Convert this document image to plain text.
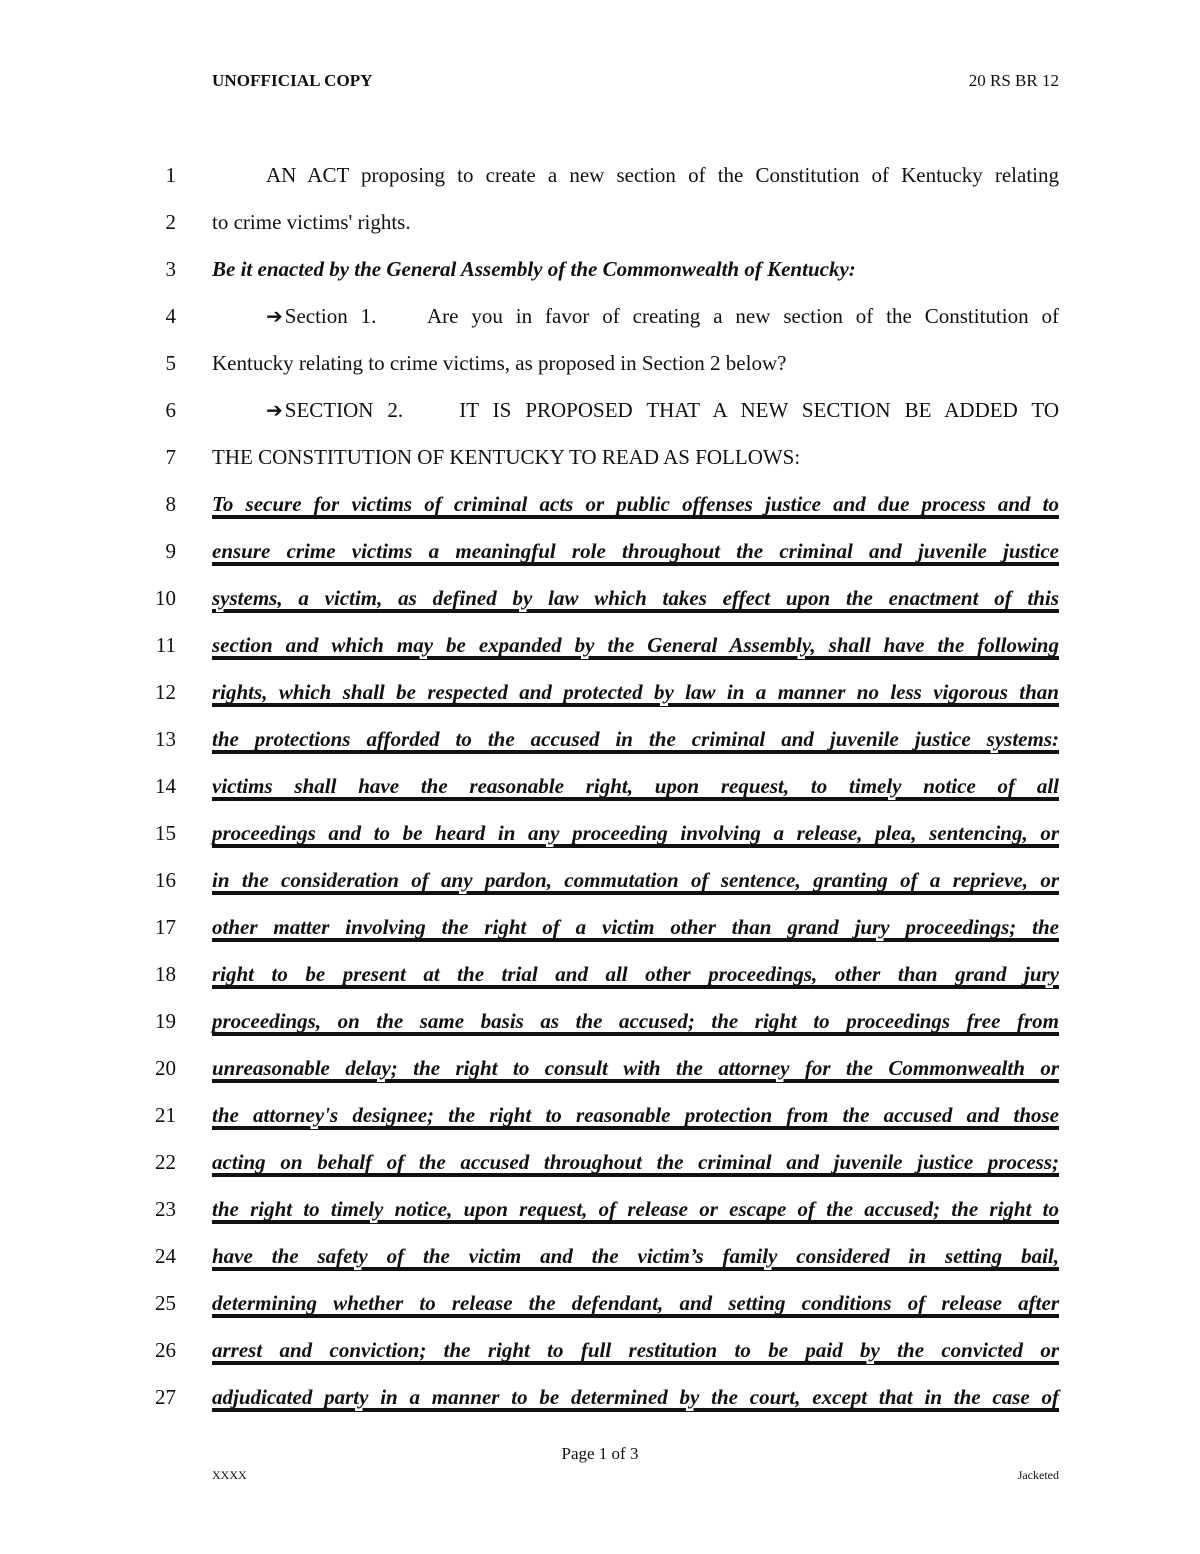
UNOFFICIAL COPY	20 RS BR 12
1	AN ACT proposing to create a new section of the Constitution of Kentucky relating
2 to crime victims' rights.
3 Be it enacted by the General Assembly of the Commonwealth of Kentucky:
4	➔Section 1.    Are you in favor of creating a new section of the Constitution of
5 Kentucky relating to crime victims, as proposed in Section 2 below?
6	➔SECTION 2.    IT IS PROPOSED THAT A NEW SECTION BE ADDED TO
7 THE CONSTITUTION OF KENTUCKY TO READ AS FOLLOWS:
8 To secure for victims of criminal acts or public offenses justice and due process and to
9 ensure crime victims a meaningful role throughout the criminal and juvenile justice
10 systems, a victim, as defined by law which takes effect upon the enactment of this
11 section and which may be expanded by the General Assembly, shall have the following
12 rights, which shall be respected and protected by law in a manner no less vigorous than
13 the protections afforded to the accused in the criminal and juvenile justice systems:
14 victims shall have the reasonable right, upon request, to timely notice of all
15 proceedings and to be heard in any proceeding involving a release, plea, sentencing, or
16 in the consideration of any pardon, commutation of sentence, granting of a reprieve, or
17 other matter involving the right of a victim other than grand jury proceedings; the
18 right to be present at the trial and all other proceedings, other than grand jury
19 proceedings, on the same basis as the accused; the right to proceedings free from
20 unreasonable delay; the right to consult with the attorney for the Commonwealth or
21 the attorney's designee; the right to reasonable protection from the accused and those
22 acting on behalf of the accused throughout the criminal and juvenile justice process;
23 the right to timely notice, upon request, of release or escape of the accused; the right to
24 have the safety of the victim and the victim’s family considered in setting bail,
25 determining whether to release the defendant, and setting conditions of release after
26 arrest and conviction; the right to full restitution to be paid by the convicted or
27 adjudicated party in a manner to be determined by the court, except that in the case of
Page 1 of 3
XXXX	Jacketed
